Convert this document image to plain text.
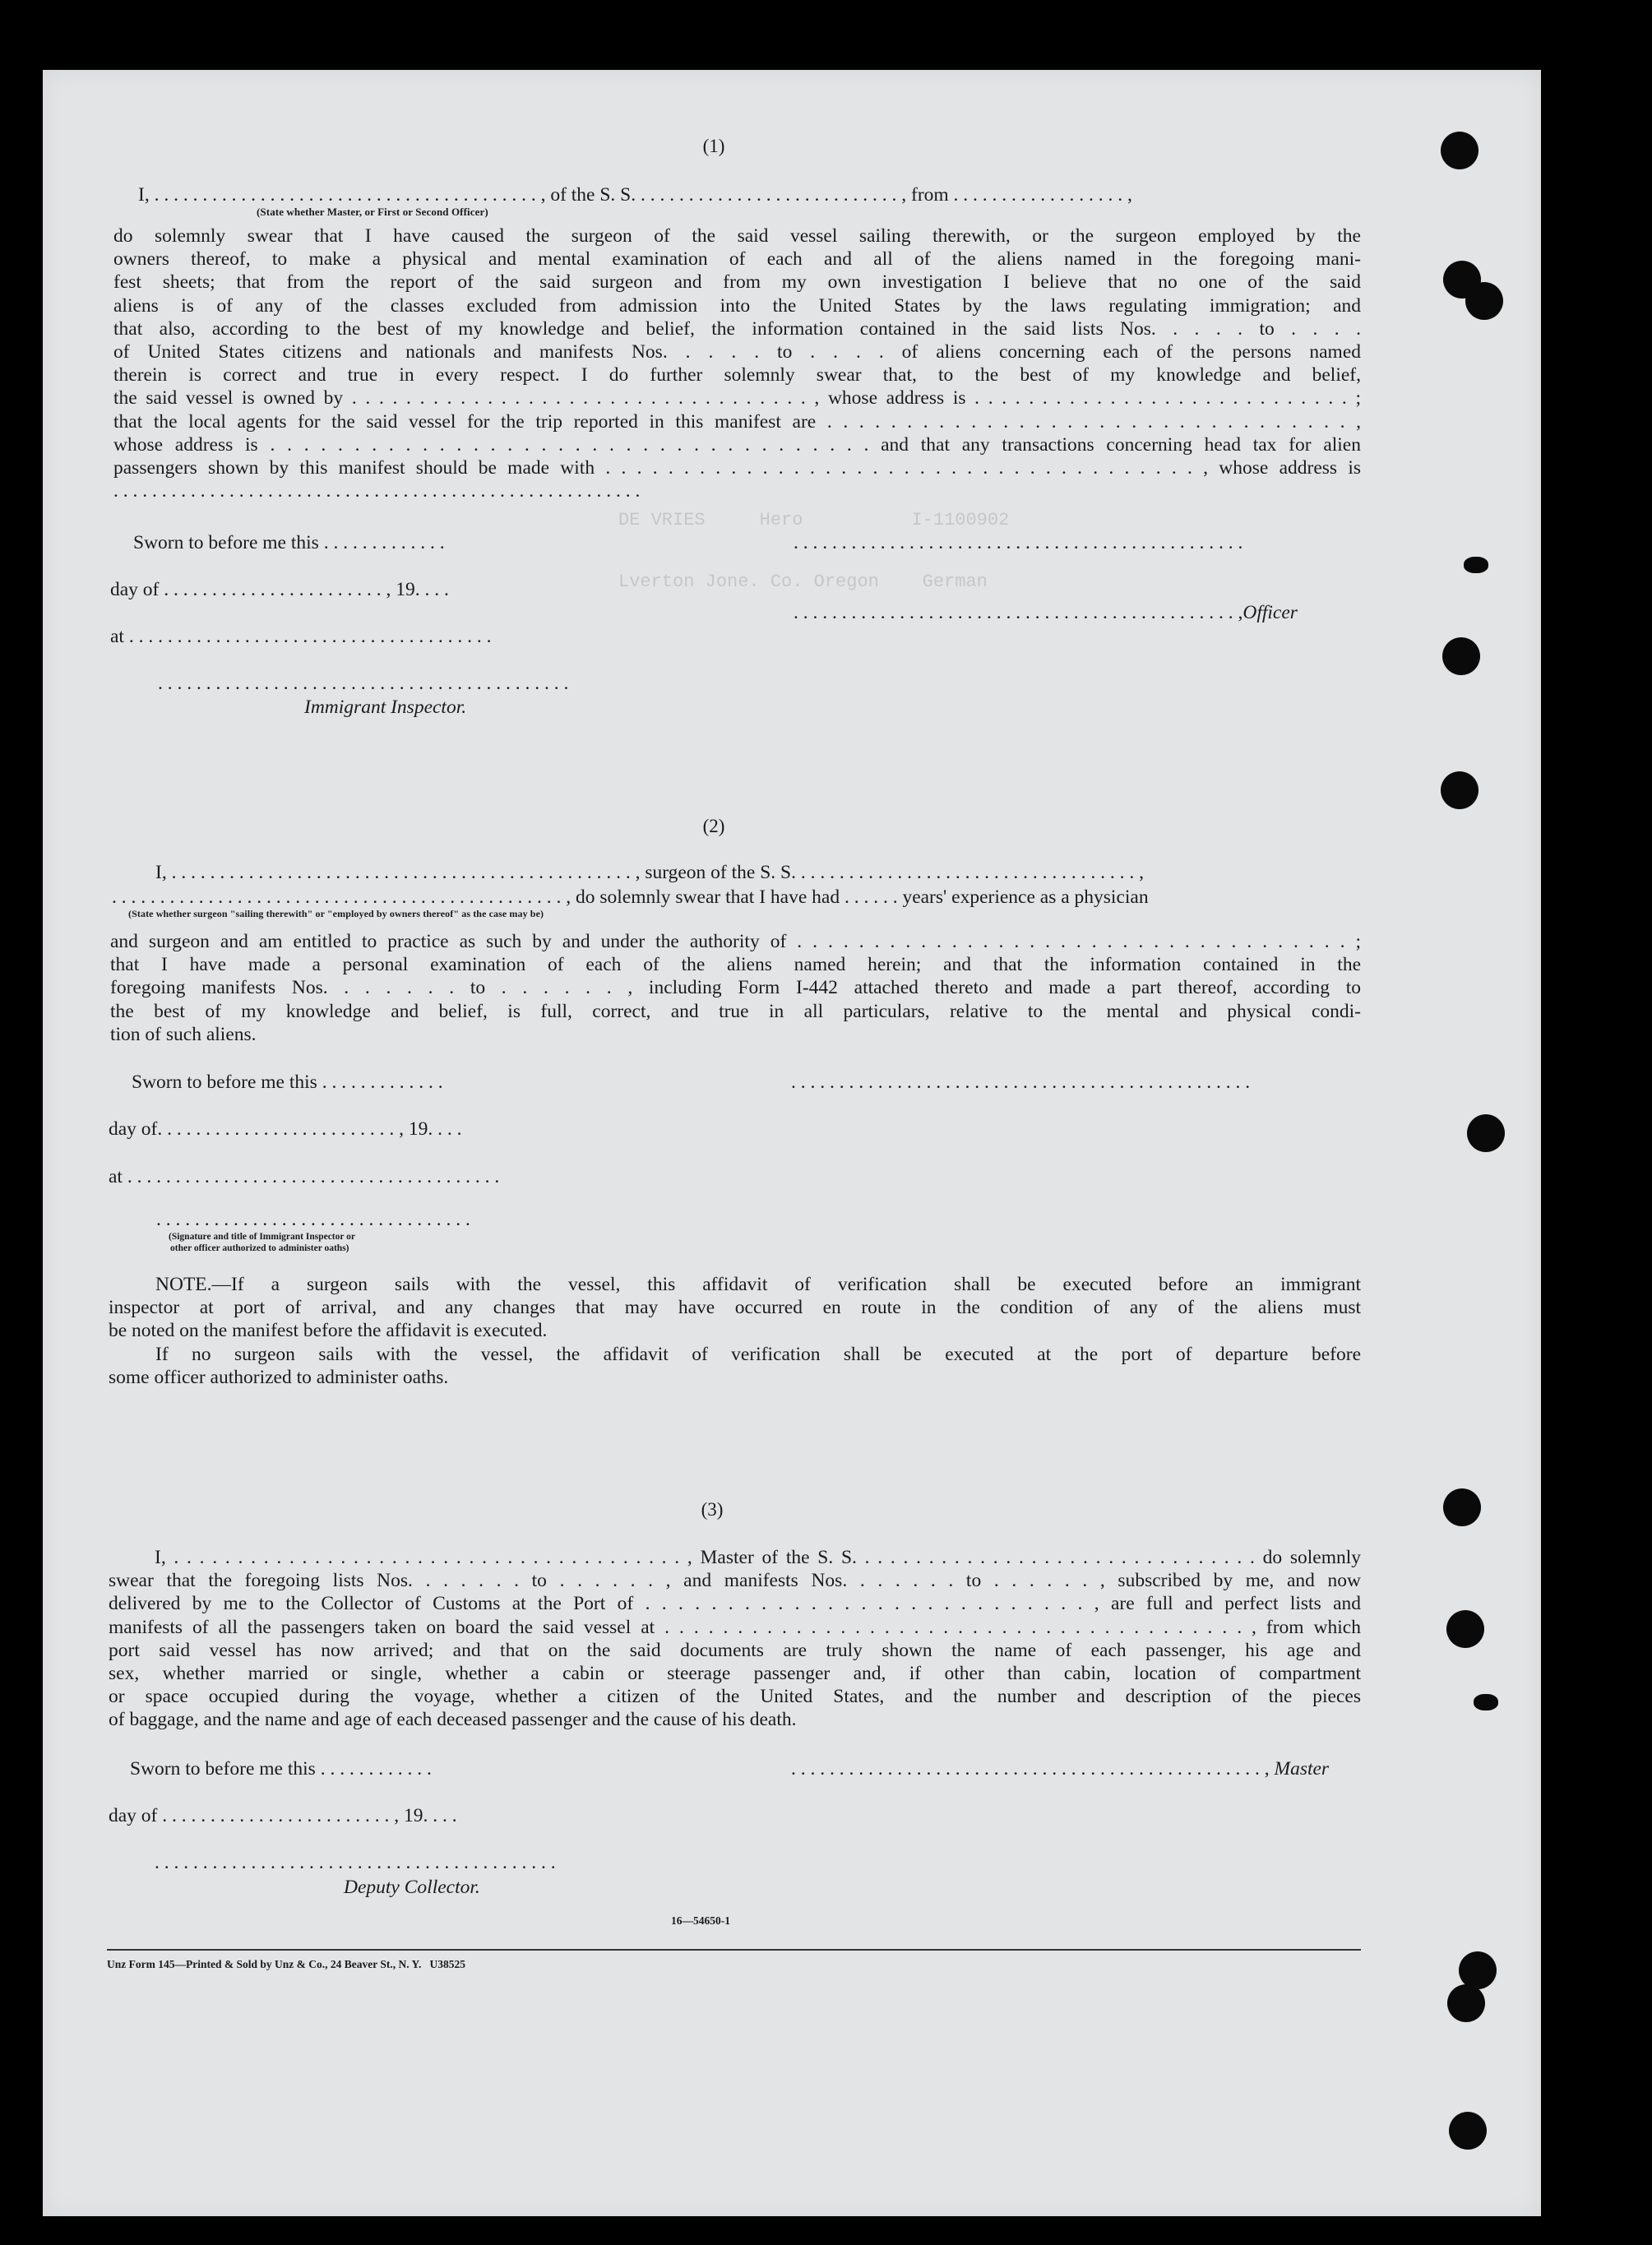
DE VRIES     Hero          I-1100902
Lverton Jone. Co. Oregon    German
(1)
I, . . . . . . . . . . . . . . . . . . . . . . . . . . . . . . . . . . . . . . . . , of the S. S. . . . . . . . . . . . . . . . . . . . . . . . . . . . , from . . . . . . . . . . . . . . . . . . ,
(State whether Master, or First or Second Officer)
do solemnly swear that I have caused the surgeon of the said vessel sailing therewith, or the surgeon employed by the
owners thereof, to make a physical and mental examination of each and all of the aliens named in the foregoing mani-
fest sheets; that from the report of the said surgeon and from my own investigation I believe that no one of the said
aliens is of any of the classes excluded from admission into the United States by the laws regulating immigration; and
that also, according to the best of my knowledge and belief, the information contained in the said lists Nos. . . . . to . . . .
of United States citizens and nationals and manifests Nos. . . . . to . . . . of aliens concerning each of the persons named
therein is correct and true in every respect. I do further solemnly swear that, to the best of my knowledge and belief,
the said vessel is owned by . . . . . . . . . . . . . . . . . . . . . . . . . . . . . . . . . . , whose address is . . . . . . . . . . . . . . . . . . . . . . . . . . . . ;
that the local agents for the said vessel for the trip reported in this manifest are . . . . . . . . . . . . . . . . . . . . . . . . . . . . . . . . . ,
whose address is . . . . . . . . . . . . . . . . . . . . . . . . . . . . . . . . . . . . and that any transactions concerning head tax for alien
passengers shown by this manifest should be made with . . . . . . . . . . . . . . . . . . . . . . . . . . . . . . . . . . . . . . , whose address is
. . . . . . . . . . . . . . . . . . . . . . . . . . . . . . . . . . . . . . . . . . . . . . . . . . . . . . .
Sworn to before me this . . . . . . . . . . . . .	. . . . . . . . . . . . . . . . . . . . . . . . . . . . . . . . . . . . . . . . . . . . . . .
day of . . . . . . . . . . . . . . . . . . . . . . . , 19. . . .
. . . . . . . . . . . . . . . . . . . . . . . . . . . . . . . . . . . . . . . . . . . . . . ,Officer
at . . . . . . . . . . . . . . . . . . . . . . . . . . . . . . . . . . . . . .
. . . . . . . . . . . . . . . . . . . . . . . . . . . . . . . . . . . . . . . . . . .
Immigrant Inspector.
(2)
I, . . . . . . . . . . . . . . . . . . . . . . . . . . . . . . . . . . . . . . . . . . . . . . . . , surgeon of the S. S. . . . . . . . . . . . . . . . . . . . . . . . . . . . . . . . . . . . ,
. . . . . . . . . . . . . . . . . . . . . . . . . . . . . . . . . . . . . . . . . . . . . . . , do solemnly swear that I have had . . . . . . years' experience as a physician
(State whether surgeon "sailing therewith" or "employed by owners thereof" as the case may be)
and surgeon and am entitled to practice as such by and under the authority of . . . . . . . . . . . . . . . . . . . . . . . . . . . . . . . . . . . . ;
that I have made a personal examination of each of the aliens named herein; and that the information contained in the
foregoing manifests Nos. . . . . . . to . . . . . . , including Form I-442 attached thereto and made a part thereof, according to
the best of my knowledge and belief, is full, correct, and true in all particulars, relative to the mental and physical condi-
tion of such aliens.
Sworn to before me this . . . . . . . . . . . . .	. . . . . . . . . . . . . . . . . . . . . . . . . . . . . . . . . . . . . . . . . . . . . . . .
day of. . . . . . . . . . . . . . . . . . . . . . . . . , 19. . . .
at . . . . . . . . . . . . . . . . . . . . . . . . . . . . . . . . . . . . . . .
. . . . . . . . . . . . . . . . . . . . . . . . . . . . . . . . .
(Signature and title of Immigrant Inspector or
other officer authorized to administer oaths)
NOTE.—If a surgeon sails with the vessel, this affidavit of verification shall be executed before an immigrant
inspector at port of arrival, and any changes that may have occurred en route in the condition of any of the aliens must
be noted on the manifest before the affidavit is executed.
If no surgeon sails with the vessel, the affidavit of verification shall be executed at the port of departure before
some officer authorized to administer oaths.
(3)
I, . . . . . . . . . . . . . . . . . . . . . . . . . . . . . . . . . . . . . . . . , Master of the S. S. . . . . . . . . . . . . . . . . . . . . . . . . . . . . . . . do solemnly
swear that the foregoing lists Nos. . . . . . . to . . . . . . , and manifests Nos. . . . . . . to . . . . . . , subscribed by me, and now
delivered by me to the Collector of Customs at the Port of . . . . . . . . . . . . . . . . . . . . . . . . . . . , are full and perfect lists and
manifests of all the passengers taken on board the said vessel at . . . . . . . . . . . . . . . . . . . . . . . . . . . . . . . . . . . . . . . . , from which
port said vessel has now arrived; and that on the said documents are truly shown the name of each passenger, his age and
sex, whether married or single, whether a cabin or steerage passenger and, if other than cabin, location of compartment
or space occupied during the voyage, whether a citizen of the United States, and the number and description of the pieces
of baggage, and the name and age of each deceased passenger and the cause of his death.
Sworn to before me this . . . . . . . . . . . .	. . . . . . . . . . . . . . . . . . . . . . . . . . . . . . . . . . . . . . . . . . . . . . . . . , Master
day of . . . . . . . . . . . . . . . . . . . . . . . . , 19. . . .
. . . . . . . . . . . . . . . . . . . . . . . . . . . . . . . . . . . . . . . . . .
Deputy Collector.
16—54650-1
Unz Form 145—Printed & Sold by Unz & Co., 24 Beaver St., N. Y.   U38525
